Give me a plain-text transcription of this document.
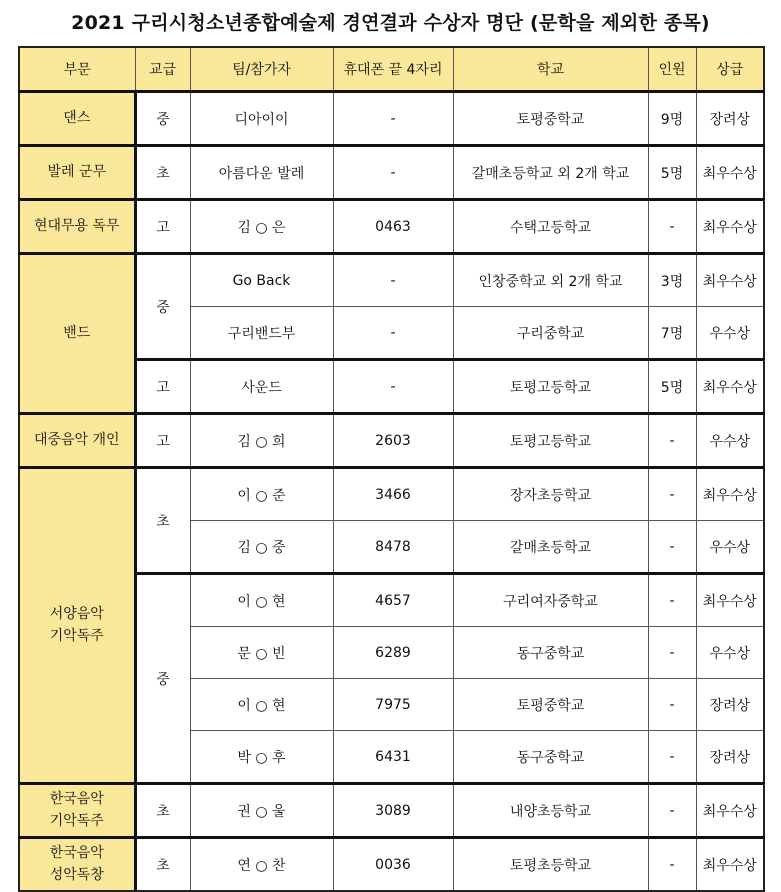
2021 구리시청소년종합예술제 경연결과 수상자 명단 (문학을 제외한 종목)
부문	교급	팀/참가자	휴대폰 끝 4자리	학교	인원	상급
댄스	중	디아이이	-	토평중학교	9명	장려상
발레 군무	초	아름다운 발레	-	갈매초등학교 외 2개 학교	5명	최우수상
현대무용 독무	고	김 ○ 은	0463	수택고등학교	-	최우수상
밴드	중	Go Back	-	인창중학교 외 2개 학교	3명	최우수상
		구리밴드부	-	구리중학교	7명	우수상
	고	사운드	-	토평고등학교	5명	최우수상
대중음악 개인	고	김 ○ 희	2603	토평고등학교	-	우수상
서양음악
기악독주	초	이 ○ 준	3466	장자초등학교	-	최우수상
		김 ○ 중	8478	갈매초등학교	-	우수상
	중	이 ○ 현	4657	구리여자중학교	-	최우수상
		문 ○ 빈	6289	동구중학교	-	우수상
		이 ○ 현	7975	토평중학교	-	장려상
		박 ○ 후	6431	동구중학교	-	장려상
한국음악
기악독주	초	권 ○ 울	3089	내양초등학교	-	최우수상
한국음악
성악독창	초	연 ○ 찬	0036	토평초등학교	-	최우수상
